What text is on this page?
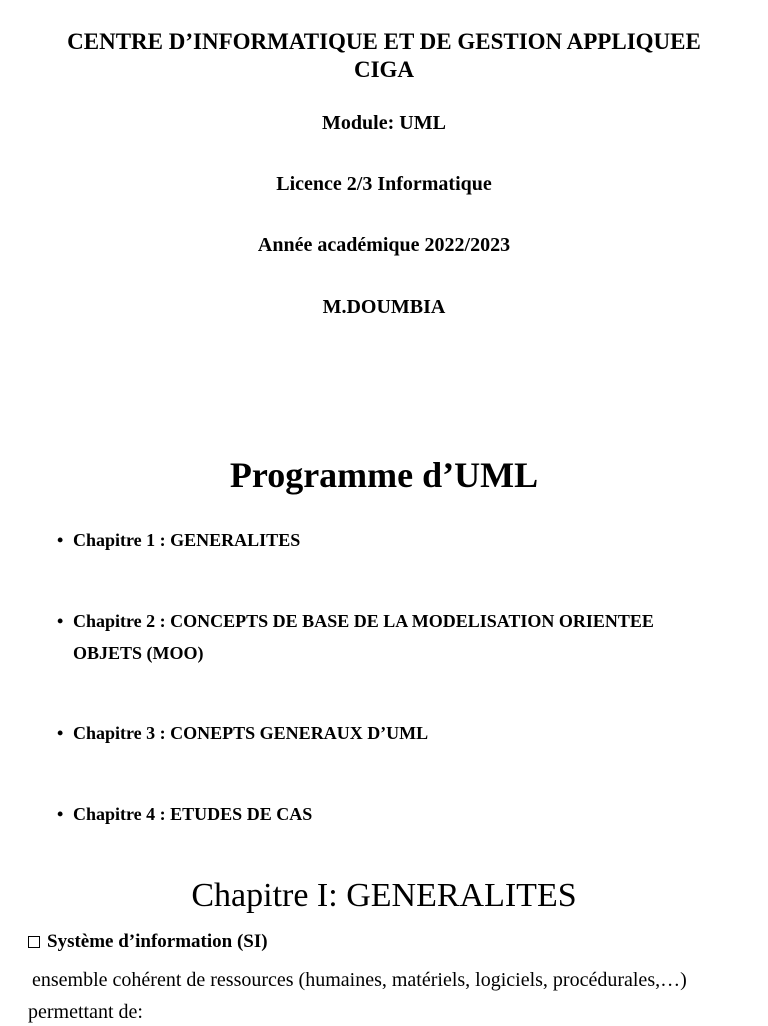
CENTRE D’INFORMATIQUE ET DE GESTION APPLIQUEE
CIGA
Module: UML
Licence 2/3 Informatique
Année académique 2022/2023
M.DOUMBIA
Programme d’UML
• Chapitre 1 : GENERALITES
• Chapitre 2 : CONCEPTS DE BASE DE LA MODELISATION ORIENTEE OBJETS (MOO)
• Chapitre 3 : CONEPTS GENERAUX D’UML
• Chapitre 4 : ETUDES DE CAS
Chapitre I: GENERALITES
Système d’information (SI)
ensemble cohérent de ressources (humaines, matériels, logiciels, procédurales,…)
permettant de:
